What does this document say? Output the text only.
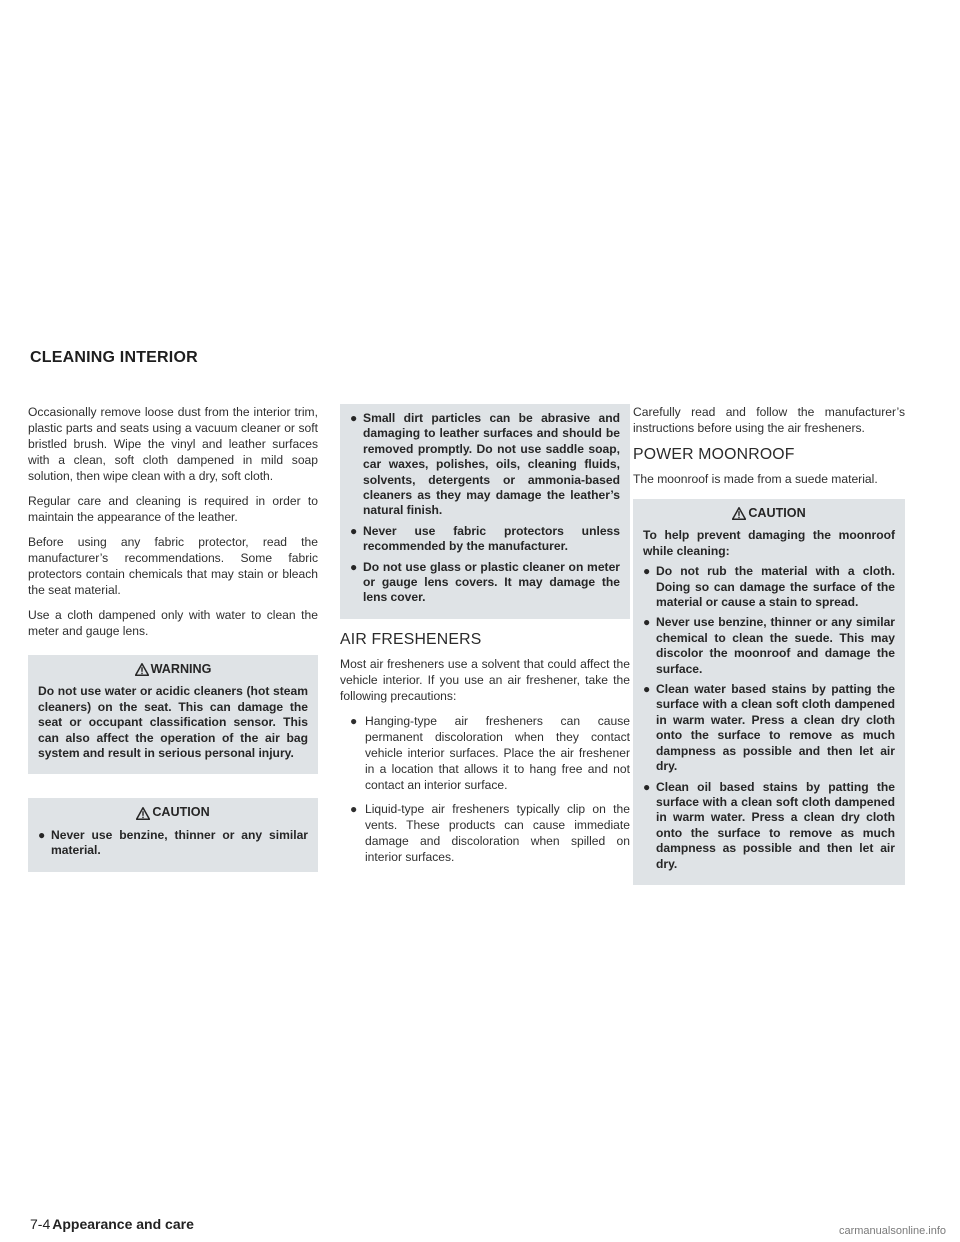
CLEANING INTERIOR

Occasionally remove loose dust from the interior trim, plastic parts and seats using a vacuum cleaner or soft bristled brush. Wipe the vinyl and leather surfaces with a clean, soft cloth dampened in mild soap solution, then wipe clean with a dry, soft cloth.

Regular care and cleaning is required in order to maintain the appearance of the leather.

Before using any fabric protector, read the manufacturer’s recommendations. Some fabric protectors contain chemicals that may stain or bleach the seat material.

Use a cloth dampened only with water to clean the meter and gauge lens.

WARNING
Do not use water or acidic cleaners (hot steam cleaners) on the seat. This can damage the seat or occupant classification sensor. This can also affect the operation of the air bag system and result in serious personal injury.
CAUTION
● Never use benzine, thinner or any similar material.
● Small dirt particles can be abrasive and damaging to leather surfaces and should be removed promptly. Do not use saddle soap, car waxes, polishes, oils, cleaning fluids, solvents, detergents or ammonia-based cleaners as they may damage the leather’s natural finish.
● Never use fabric protectors unless recommended by the manufacturer.
● Do not use glass or plastic cleaner on meter or gauge lens covers. It may damage the lens cover.
AIR FRESHENERS

Most air fresheners use a solvent that could affect the vehicle interior. If you use an air freshener, take the following precautions:

● Hanging-type air fresheners can cause permanent discoloration when they contact vehicle interior surfaces. Place the air freshener in a location that allows it to hang free and not contact an interior surface.
● Liquid-type air fresheners typically clip on the vents. These products can cause immediate damage and discoloration when spilled on interior surfaces.

Carefully read and follow the manufacturer’s instructions before using the air fresheners.

POWER MOONROOF

The moonroof is made from a suede material.

CAUTION
To help prevent damaging the moonroof while cleaning:
● Do not rub the material with a cloth. Doing so can damage the surface of the material or cause a stain to spread.
● Never use benzine, thinner or any similar chemical to clean the suede. This may discolor the moonroof and damage the surface.
● Clean water based stains by patting the surface with a clean soft cloth dampened in warm water. Press a clean dry cloth onto the surface to remove as much dampness as possible and then let air dry.
● Clean oil based stains by patting the surface with a clean soft cloth dampened in warm water. Press a clean dry cloth onto the surface to remove as much dampness as possible and then let air dry.
7-4 Appearance and care	carmanualsonline.info
